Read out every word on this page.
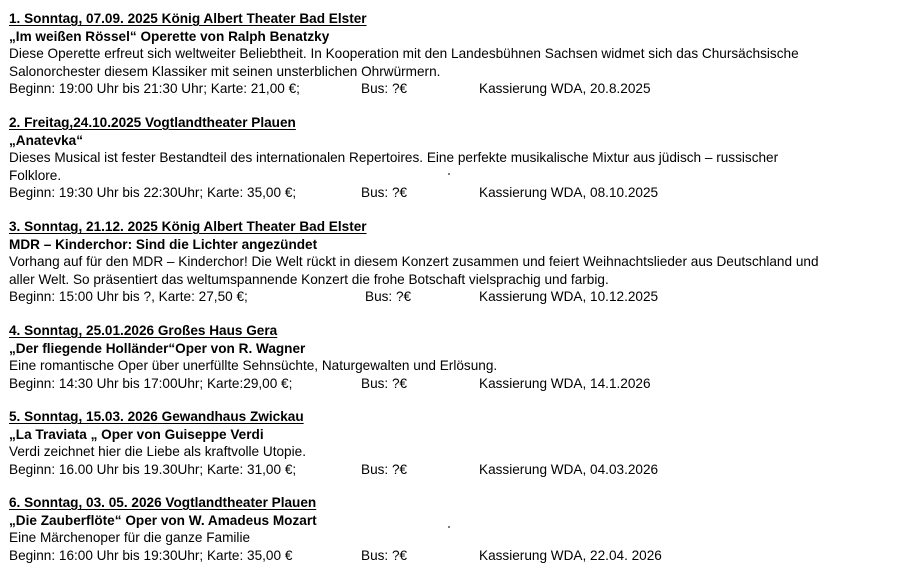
1. Sonntag, 07.09. 2025 König Albert Theater Bad Elster
„Im weißen Rössel“ Operette von Ralph Benatzky
Diese Operette erfreut sich weltweiter Beliebtheit. In Kooperation mit den Landesbühnen Sachsen widmet sich das Chursächsische
Salonorchester diesem Klassiker mit seinen unsterblichen Ohrwürmern.
Beginn: 19:00 Uhr bis 21:30 Uhr; Karte: 21,00 €;	Bus: ?€	Kassierung WDA, 20.8.2025
2. Freitag,24.10.2025 Vogtlandtheater Plauen
„Anatevka“
Dieses Musical ist fester Bestandteil des internationalen Repertoires. Eine perfekte musikalische Mixtur aus jüdisch – russischer
Folklore.
Beginn: 19:30 Uhr bis 22:30Uhr; Karte: 35,00 €;	Bus: ?€	Kassierung WDA, 08.10.2025
3. Sonntag, 21.12. 2025 König Albert Theater Bad Elster
MDR – Kinderchor: Sind die Lichter angezündet
Vorhang auf für den MDR – Kinderchor! Die Welt rückt in diesem Konzert zusammen und feiert Weihnachtslieder aus Deutschland und
aller Welt. So präsentiert das weltumspannende Konzert die frohe Botschaft vielsprachig und farbig.
Beginn: 15:00 Uhr bis ?, Karte: 27,50 €;	Bus: ?€	Kassierung WDA, 10.12.2025
4. Sonntag, 25.01.2026 Großes Haus Gera
„Der fliegende Holländer“Oper von R. Wagner
Eine romantische Oper über unerfüllte Sehnsüchte, Naturgewalten und Erlösung.
Beginn: 14:30 Uhr bis 17:00Uhr; Karte:29,00 €;	Bus: ?€	Kassierung WDA, 14.1.2026
5. Sonntag, 15.03. 2026 Gewandhaus Zwickau
„La Traviata „ Oper von Guiseppe Verdi
Verdi zeichnet hier die Liebe als kraftvolle Utopie.
Beginn: 16.00 Uhr bis 19.30Uhr; Karte: 31,00 €;	Bus: ?€	Kassierung WDA, 04.03.2026
6. Sonntag, 03. 05. 2026 Vogtlandtheater Plauen
„Die Zauberflöte“ Oper von W. Amadeus Mozart
Eine Märchenoper für die ganze Familie
Beginn: 16:00 Uhr bis 19:30Uhr; Karte: 35,00 €	Bus: ?€	Kassierung WDA, 22.04. 2026
